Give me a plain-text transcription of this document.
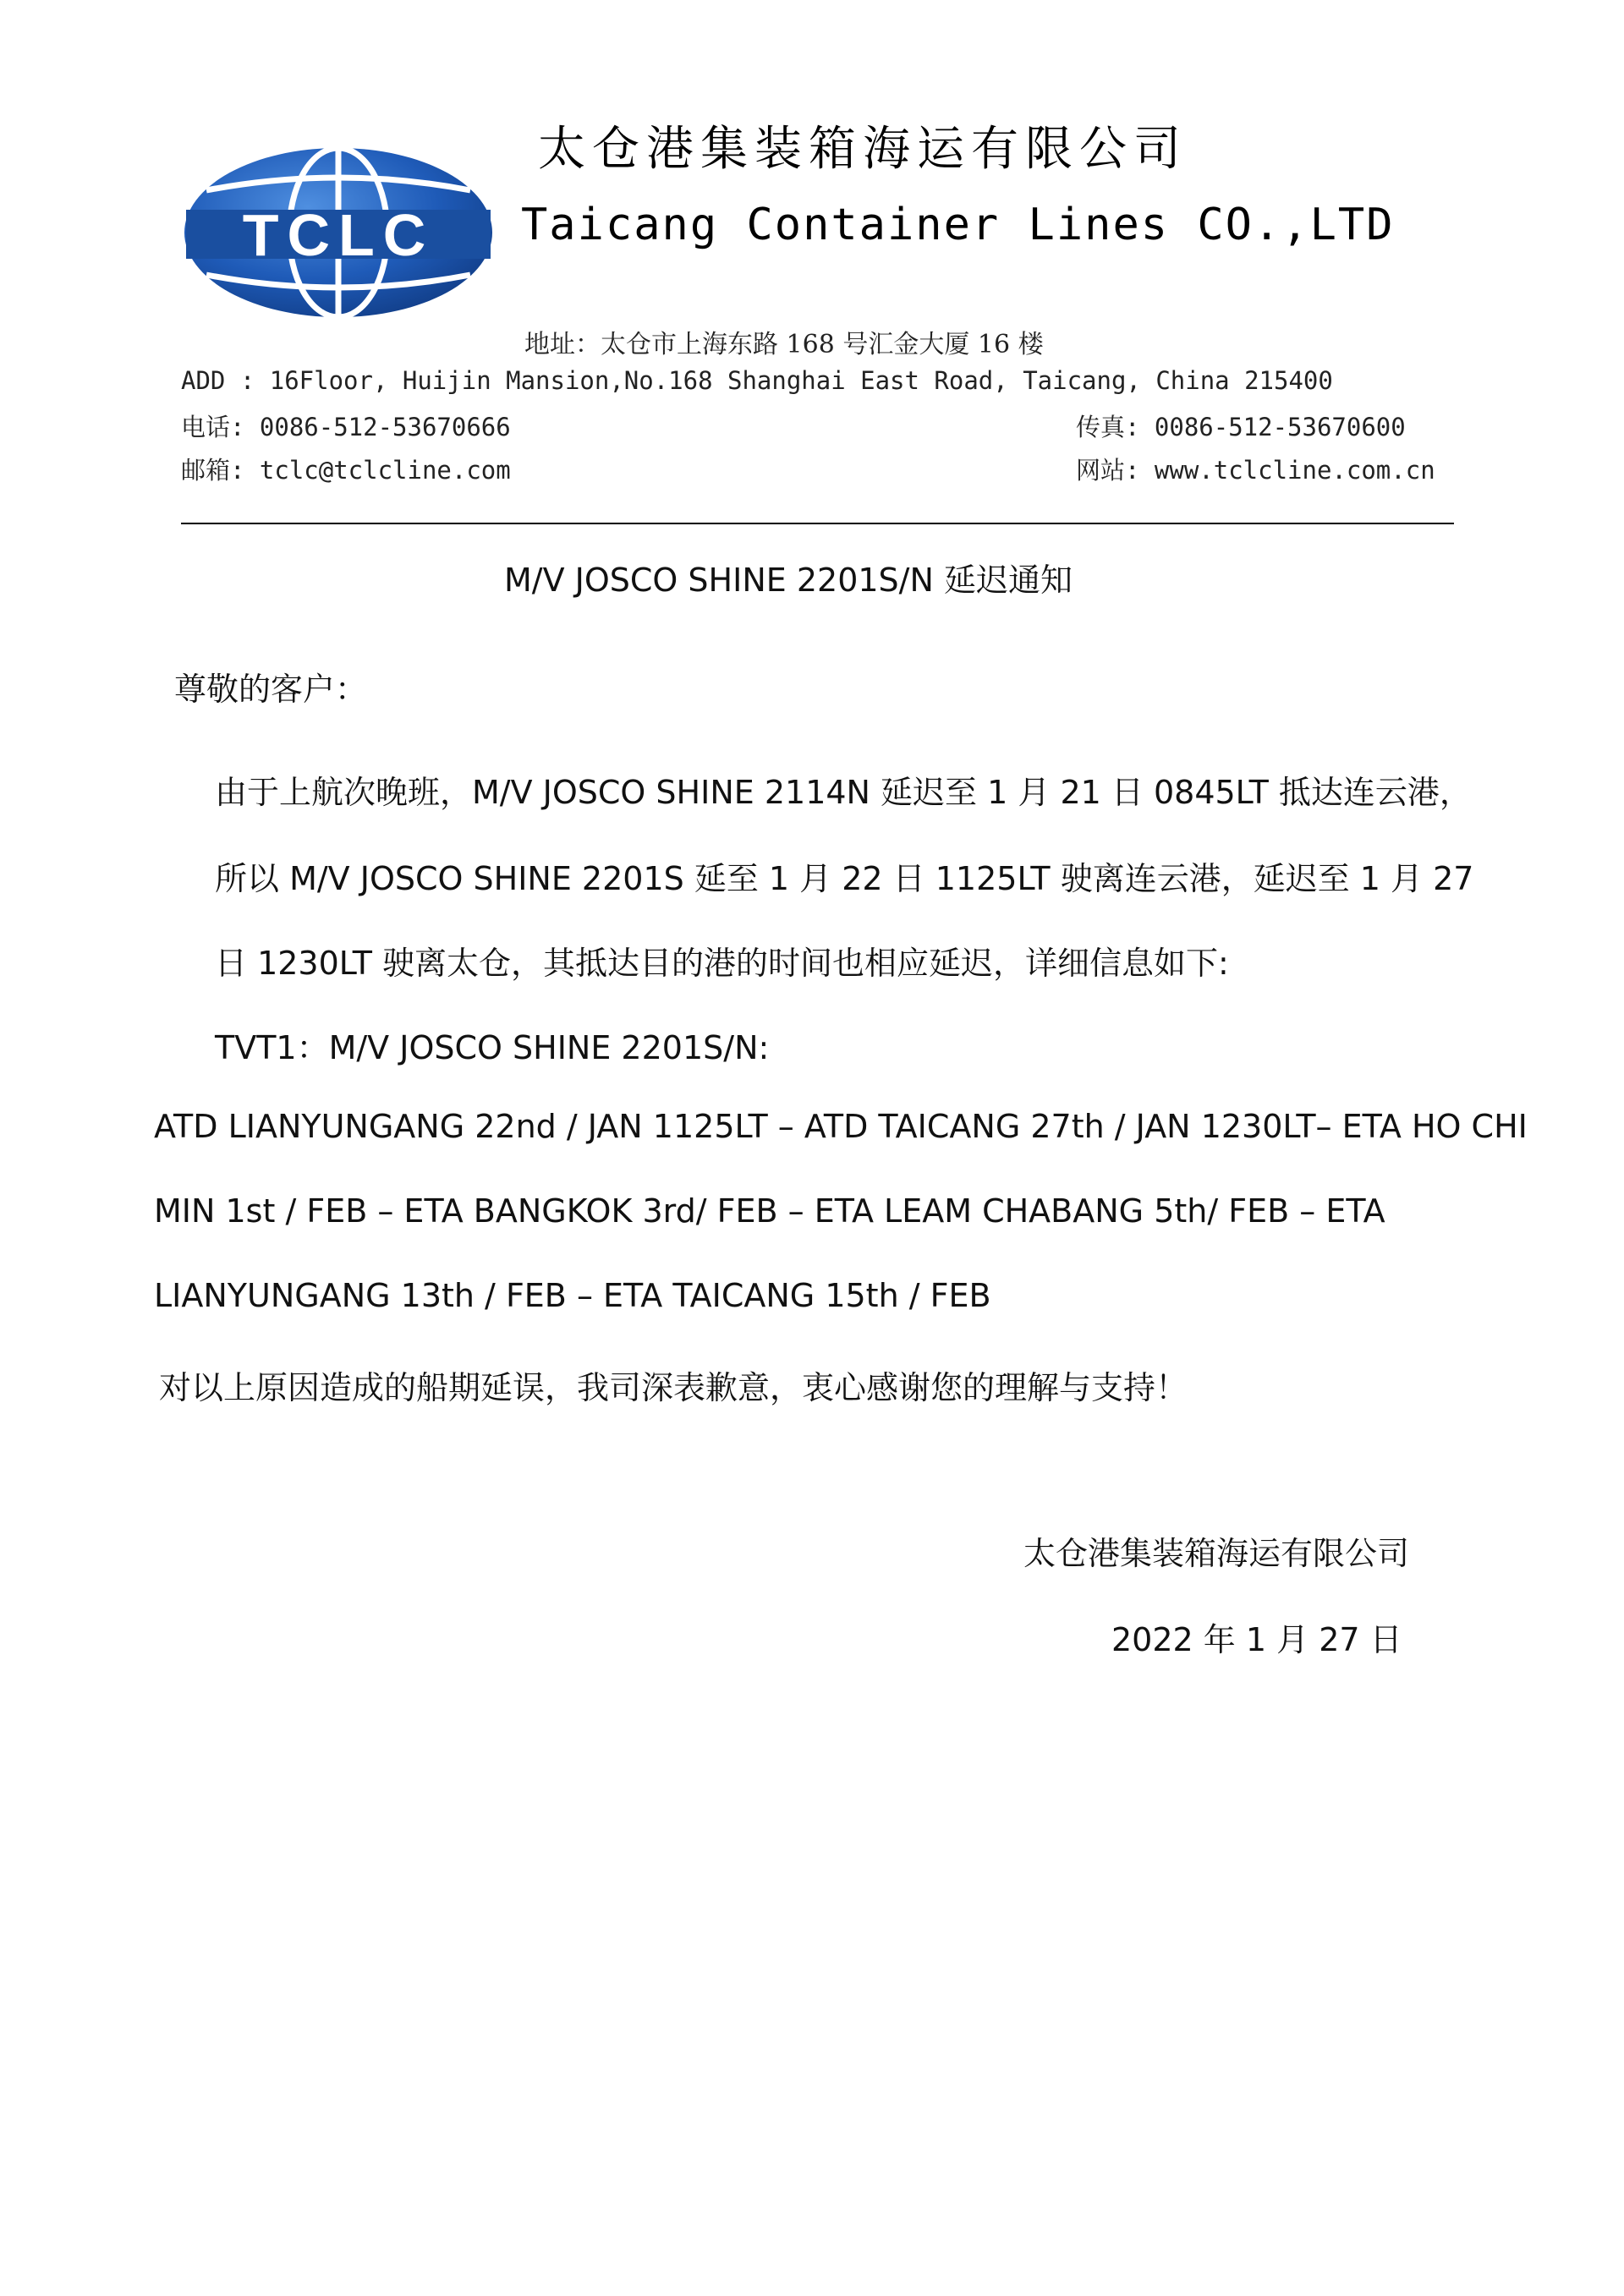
TCLC
太仓港集装箱海运有限公司
Taicang Container Lines CO.,LTD
地址：太仓市上海东路 168 号汇金大厦 16 楼
ADD : 16Floor, Huijin Mansion,No.168 Shanghai East Road, Taicang, China 215400
电话: 0086-512-53670666	传真: 0086-512-53670600
邮箱: tclc@tclcline.com	网站: www.tclcline.com.cn
M/V JOSCO SHINE 2201S/N 延迟通知
尊敬的客户：
由于上航次晚班，M/V JOSCO SHINE 2114N 延迟至 1 月 21 日 0845LT 抵达连云港，
所以 M/V JOSCO SHINE 2201S 延至 1 月 22 日 1125LT 驶离连云港，延迟至 1 月 27
日 1230LT 驶离太仓，其抵达目的港的时间也相应延迟，详细信息如下:
TVT1：M/V JOSCO SHINE 2201S/N:
ATD LIANYUNGANG 22nd / JAN 1125LT – ATD TAICANG 27th / JAN 1230LT– ETA HO CHI
MIN 1st / FEB – ETA BANGKOK 3rd/ FEB – ETA LEAM CHABANG 5th/ FEB – ETA
LIANYUNGANG 13th / FEB – ETA TAICANG 15th / FEB
对以上原因造成的船期延误，我司深表歉意，衷心感谢您的理解与支持！
太仓港集装箱海运有限公司
2022 年 1 月 27 日
